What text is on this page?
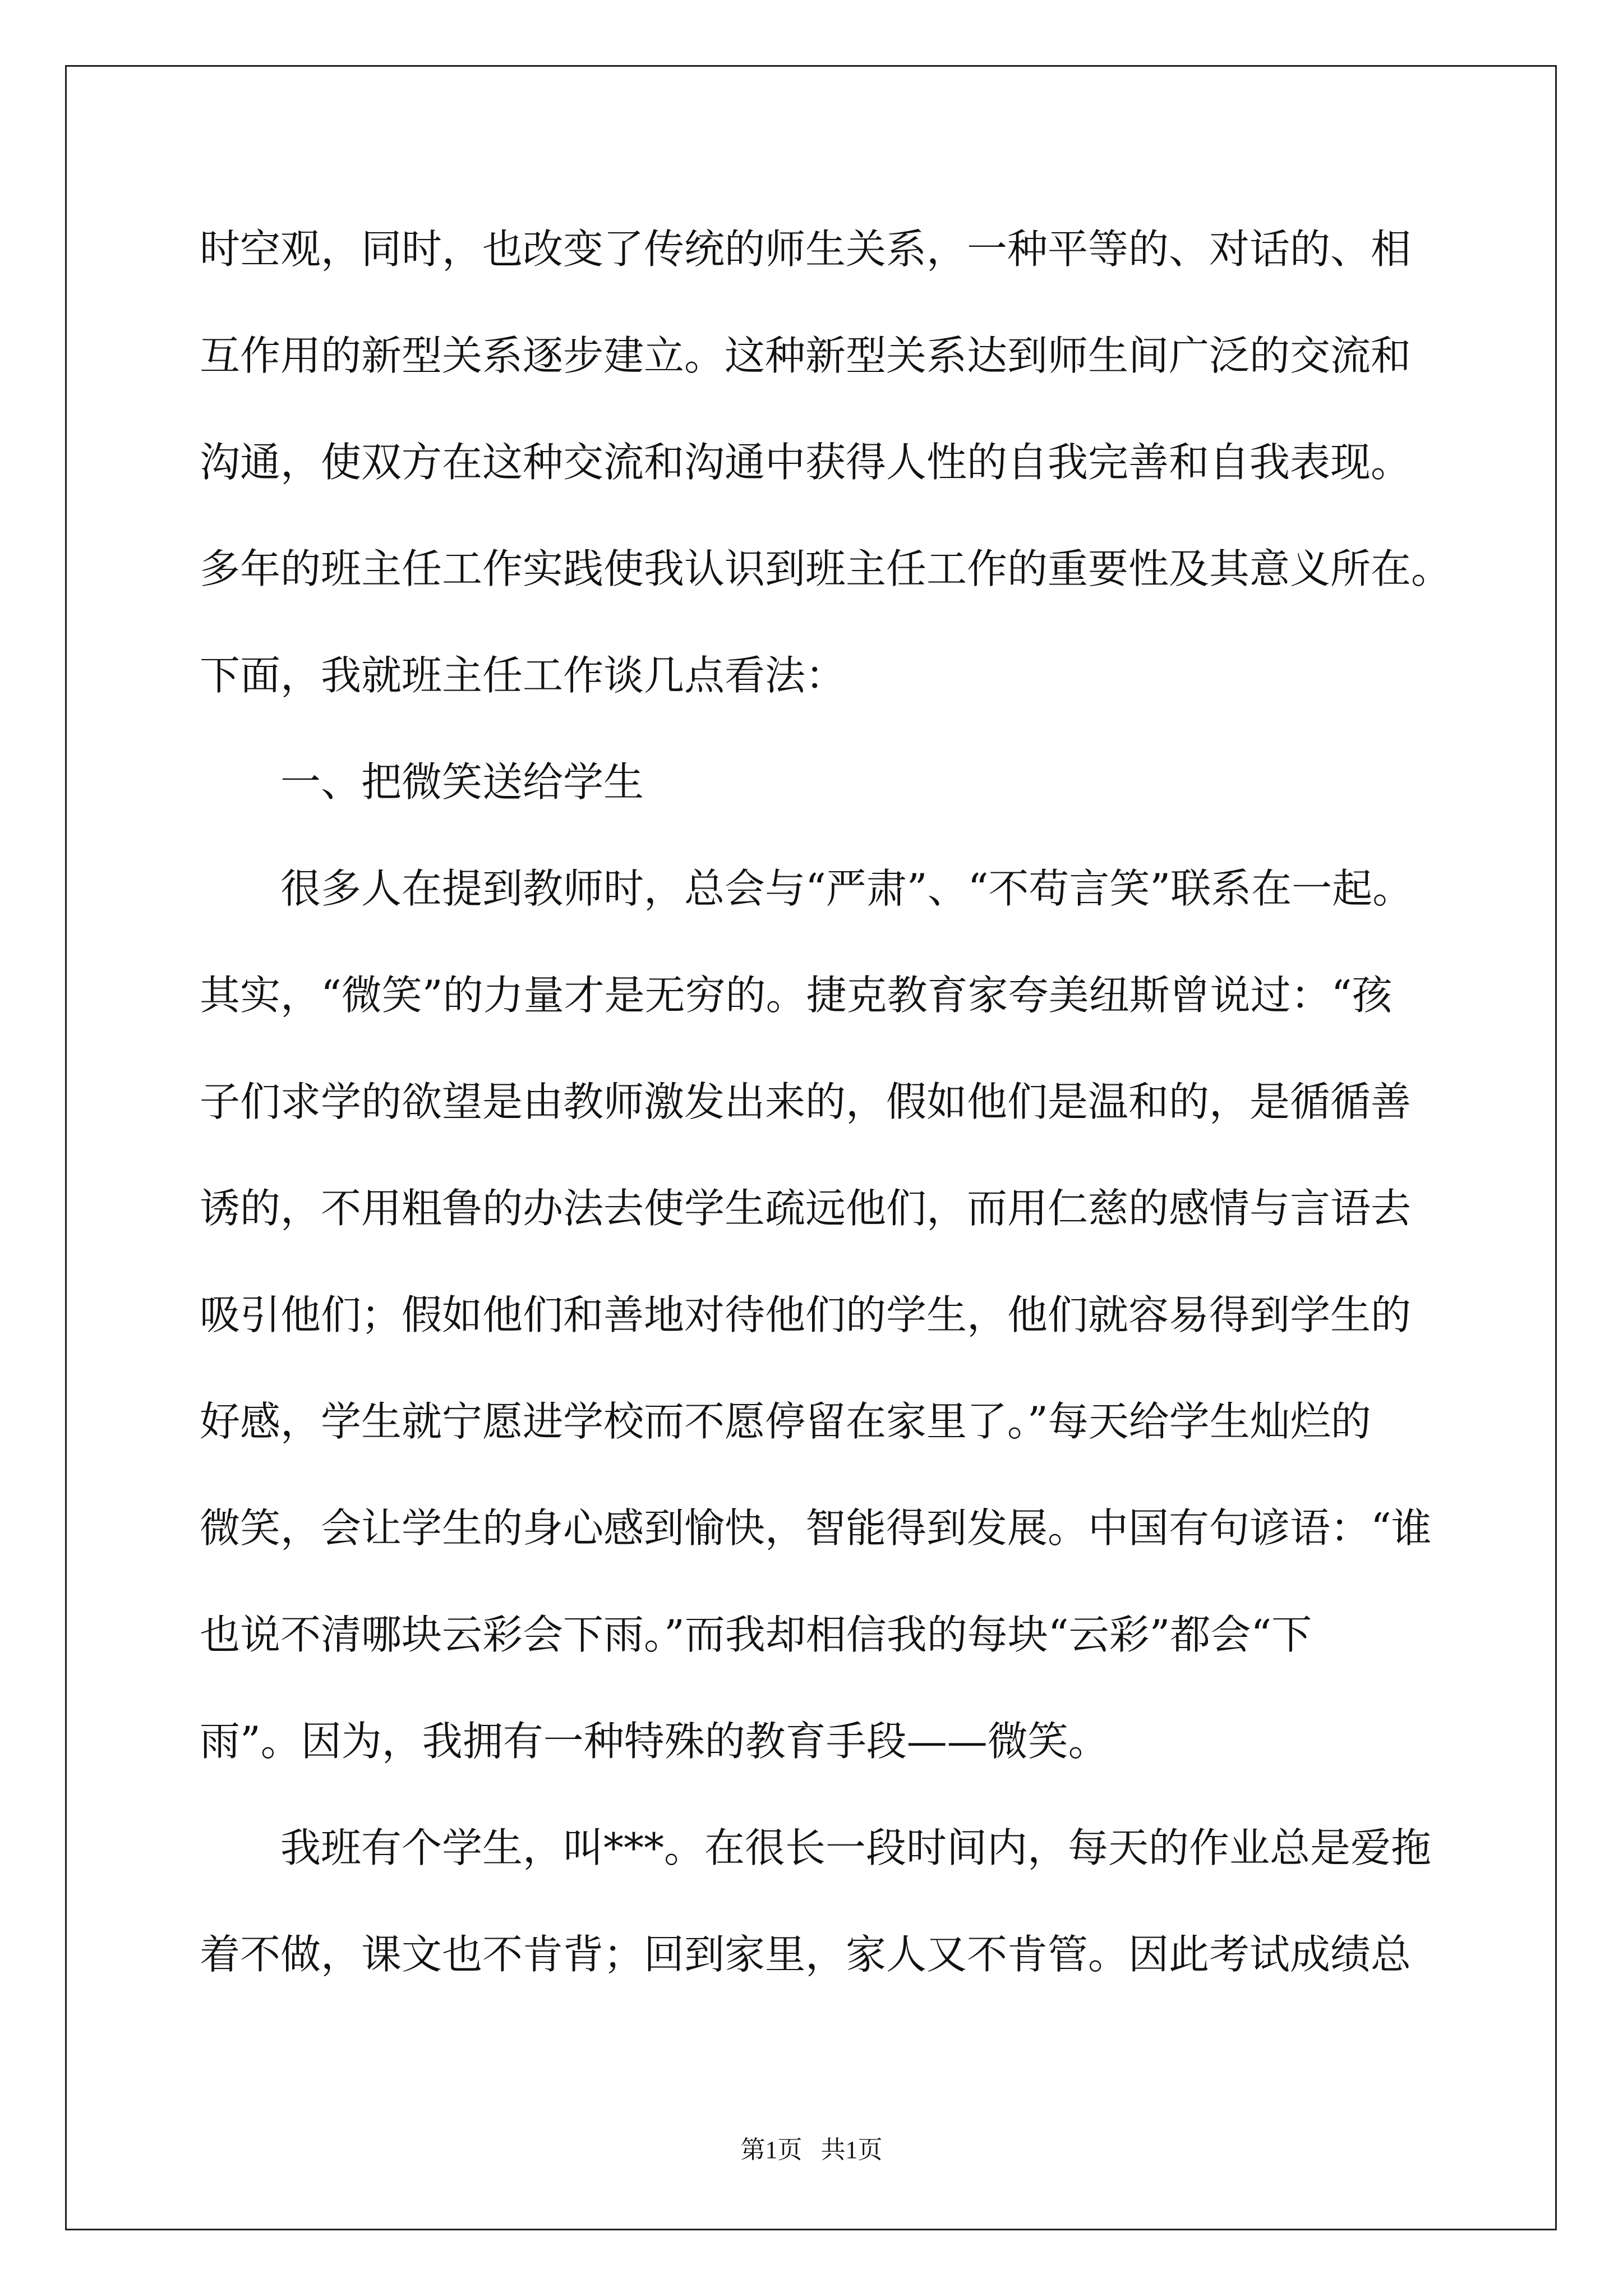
时空观，同时，也改变了传统的师生关系，一种平等的、对话的、相
互作用的新型关系逐步建立。这种新型关系达到师生间广泛的交流和
沟通，使双方在这种交流和沟通中获得人性的自我完善和自我表现。
多年的班主任工作实践使我认识到班主任工作的重要性及其意义所在。
下面，我就班主任工作谈几点看法：
一、把微笑送给学生
很多人在提到教师时，总会与“严肃”、“不苟言笑”联系在一起。
其实，“微笑”的力量才是无穷的。捷克教育家夸美纽斯曾说过：“孩
子们求学的欲望是由教师激发出来的，假如他们是温和的，是循循善
诱的，不用粗鲁的办法去使学生疏远他们，而用仁慈的感情与言语去
吸引他们；假如他们和善地对待他们的学生，他们就容易得到学生的
好感，学生就宁愿进学校而不愿停留在家里了。”每天给学生灿烂的
微笑，会让学生的身心感到愉快，智能得到发展。中国有句谚语：“谁
也说不清哪块云彩会下雨。”而我却相信我的每块“云彩”都会“下
雨”。因为，我拥有一种特殊的教育手段——微笑。
我班有个学生，叫***。在很长一段时间内，每天的作业总是爱拖
着不做，课文也不肯背；回到家里，家人又不肯管。因此考试成绩总
第1页   共1页
